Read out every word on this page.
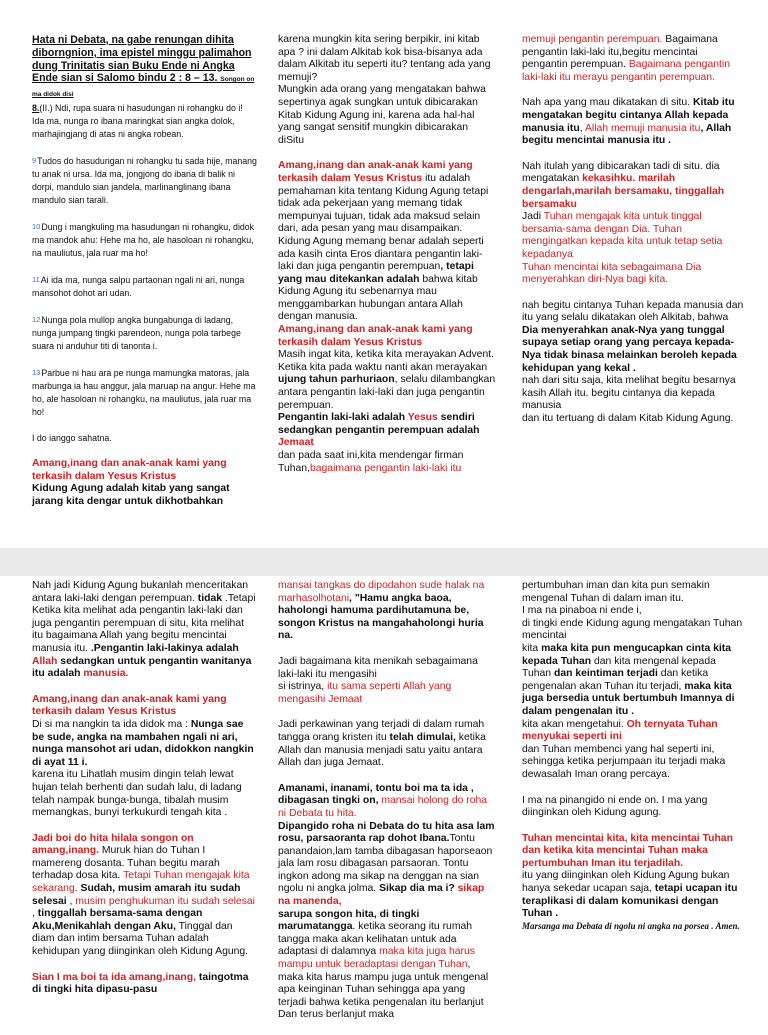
Hata ni Debata, na gabe renungan dihita diborngnion, ima epistel minggu palimahon dung Trinitatis sian Buku Ende ni Angka Ende sian si Salomo bindu 2 : 8 – 13. Songon on ma didok disi

8.(II.) Ndi, rupa suara ni hasudungan ni rohangku do i! Ida ma, nunga ro ibana maringkat sian angka dolok, marhajingjang di atas ni angka robean.

9Tudos do hasudungan ni rohangku tu sada hije, manang tu anak ni ursa. Ida ma, jongjong do ibana di balik ni dorpi, mandulo sian jandela, marlinanglinang ibana mandulo sian tarali.

10Dung i mangkuling ma hasudungan ni rohangku, didok ma mandok ahu: Hehe ma ho, ale hasoloan ni rohangku, na mauliutus, jala ruar ma ho!

11Ai ida ma, nunga salpu partaonan ngali ni ari, nunga mansohot dohot ari udan.

12Nunga pola mullop angka bungabunga di ladang, nunga jumpang tingki parendeon, nunga pola tarbege suara ni anduhur titi di tanonta i.

13Parbue ni hau ara pe nunga mamungka matoras, jala marbunga ia hau anggur, jala maruap na angur. Hehe ma ho, ale hasoloan ni rohangku, na mauliutus, jala ruar ma ho!

I do ianggo sahatna.

Amang,inang dan anak-anak kami yang terkasih dalam Yesus Kristus

Kidung Agung adalah kitab yang sangat jarang kita dengar untuk dikhotbahkan

karena mungkin kita sering berpikir, ini kitab apa ? ini dalam Alkitab kok bisa-bisanya ada dalam Alkitab itu seperti itu? tentang ada yang memuji?
Mungkin ada orang yang mengatakan bahwa sepertinya agak sungkan untuk dibicarakan Kitab Kidung Agung ini, karena ada hal-hal yang sangat sensitif mungkin dibicarakan diSitu

Amang,inang dan anak-anak kami yang terkasih dalam Yesus Kristus itu adalah pemahaman kita tentang Kidung Agung tetapi tidak ada pekerjaan yang memang tidak mempunyai tujuan, tidak ada maksud selain dari, ada pesan yang mau disampaikan.
Kidung Agung memang benar adalah seperti ada kasih cinta Eros diantara pengantin laki-laki dan juga pengantin perempuan, tetapi yang mau ditekankan adalah bahwa kitab Kidung Agung itu sebenarnya mau menggambarkan hubungan antara Allah dengan manusia.

Amang,inang dan anak-anak kami yang terkasih dalam Yesus Kristus

Masih ingat kita, ketika kita merayakan Advent. Ketika kita pada waktu nanti akan merayakan ujung tahun parhuriaon, selalu dilambangkan antara pengantin laki-laki dan juga pengantin perempuan.

Pengantin laki-laki adalah Yesus sendiri sedangkan pengantin perempuan adalah Jemaat

dan pada saat ini,kita mendengar firman Tuhan,bagaimana pengantin laki-laki itu

memuji pengantin perempuan. Bagaimana pengantin laki-laki itu,begitu mencintai pengantin perempuan. Bagaimana pengantin laki-laki itu merayu pengantin perempuan.

Nah apa yang mau dikatakan di situ. Kitab itu mengatakan begitu cintanya Allah kepada manusia itu, Allah memuji manusia itu, Allah begitu mencintai manusia itu .

Nah itulah yang dibicarakan tadi di situ. dia mengatakan kekasihku. marilah dengarlah,marilah bersamaku, tinggallah bersamaku

Jadi Tuhan mengajak kita untuk tinggal bersama-sama dengan Dia. Tuhan mengingatkan kepada kita untuk tetap setia kepadanya

Tuhan mencintai kita sebagaimana Dia menyerahkan diri-Nya bagi kita.

nah begitu cintanya Tuhan kepada manusia dan itu yang selalu dikatakan oleh Alkitab, bahwa

Dia menyerahkan anak-Nya yang tunggal supaya setiap orang yang percaya kepada-Nya tidak binasa melainkan beroleh kepada kehidupan yang kekal .

nah dari situ saja, kita melihat begitu besarnya kasih Allah itu. begitu cintanya dia kepada manusia
dan itu tertuang di dalam Kitab Kidung Agung.

Nah jadi Kidung Agung bukanlah menceritakan antara laki-laki dengan perempuan. tidak .Tetapi Ketika kita melihat ada pengantin laki-laki dan juga pengantin perempuan di situ, kita melihat itu bagaimana Allah yang begitu mencintai manusia itu. .Pengantin laki-lakinya adalah Allah sedangkan untuk pengantin wanitanya itu adalah manusia.

Amang,inang dan anak-anak kami yang terkasih dalam Yesus Kristus

Di si ma nangkin ta ida didok ma : Nunga sae be sude, angka na mambahen ngali ni ari, nunga mansohot ari udan, didokkon nangkin di ayat 11 i.

karena itu Lihatlah musim dingin telah lewat hujan telah berhenti dan sudah lalu, di ladang telah nampak bunga-bunga, tibalah musim memangkas, bunyi terkukurdi tengah kita .

Jadi boi do hita hilala songon on amang,inang. Muruk hian do Tuhan I mamereng dosanta. Tuhan begitu marah terhadap dosa kita. Tetapi Tuhan mengajak kita sekarang. Sudah, musim amarah itu sudah selesai , musim penghukuman itu sudah selesai , tinggallah bersama-sama dengan Aku,Menikahlah dengan Aku, Tinggal dan diam dan intim bersama Tuhan adalah kehidupan yang diinginkan oleh Kidung Agung.

Sian I ma boi ta ida amang,inang, taingotma di tingki hita dipasu-pasu

mansai tangkas do dipodahon sude halak na marhasolhotani, "Hamu angka baoa, haholongi hamuma pardihutamuna be, songon Kristus na mangahaholongi huria na.

Jadi bagaimana kita menikah sebagaimana laki-laki itu mengasihi
si istrinya, itu sama seperti Allah yang mengasihi Jemaat

Jadi perkawinan yang terjadi di dalam rumah tangga orang kristen itu telah dimulai, ketika Allah dan manusia menjadi satu yaitu antara Allah dan juga Jemaat.

Amanami, inanami, tontu boi ma ta ida , dibagasan tingki on, mansai holong do roha ni Debata tu hita.
Dipangido roha ni Debata do tu hita asa lam rosu, parsaoranta rap dohot Ibana.Tontu panandaion,lam tamba dibagasan haporseaon jala lam rosu dibagasan parsaoran. Tontu ingkon adong ma sikap na denggan na sian ngolu ni angka jolma. Sikap dia ma i? sikap na manenda,
sarupa songon hita, di tingki marumatangga. ketika seorang itu rumah tangga maka akan kelihatan untuk ada adaptasi di dalamnya maka kita juga harus mampu untuk beradaptasi dengan Tuhan, maka kita harus mampu juga untuk mengenal apa keinginan Tuhan sehingga apa yang terjadi bahwa ketika pengenalan itu berlanjut Dan terus berlanjut maka

pertumbuhan iman dan kita pun semakin mengenal Tuhan di dalam iman itu.
I ma na pinaboa ni ende i,
di tingki ende Kidung agung mengatakan Tuhan mencintai

kita maka kita pun mengucapkan cinta kita kepada Tuhan dan kita mengenal kepada Tuhan dan keintiman terjadi dan ketika pengenalan akan Tuhan itu terjadi, maka kita juga bersedia untuk bertumbuh Imannya di dalam pengenalan itu .

kita akan mengetahui. Oh ternyata Tuhan menyukai seperti ini

dan Tuhan membenci yang hal seperti ini, sehingga ketika perjumpaan itu terjadi maka dewasalah Iman orang percaya.

I ma na pinangido ni ende on. I ma yang diinginkan oleh Kidung agung.

Tuhan mencintai kita, kita mencintai Tuhan dan ketika kita mencintai Tuhan maka pertumbuhan Iman itu terjadilah.

itu yang diinginkan oleh Kidung Agung bukan hanya sekedar ucapan saja, tetapi ucapan itu teraplikasi di dalam komunikasi dengan Tuhan .

Marsanga ma Debata di ngolu ni angka na porsea . Amen.
